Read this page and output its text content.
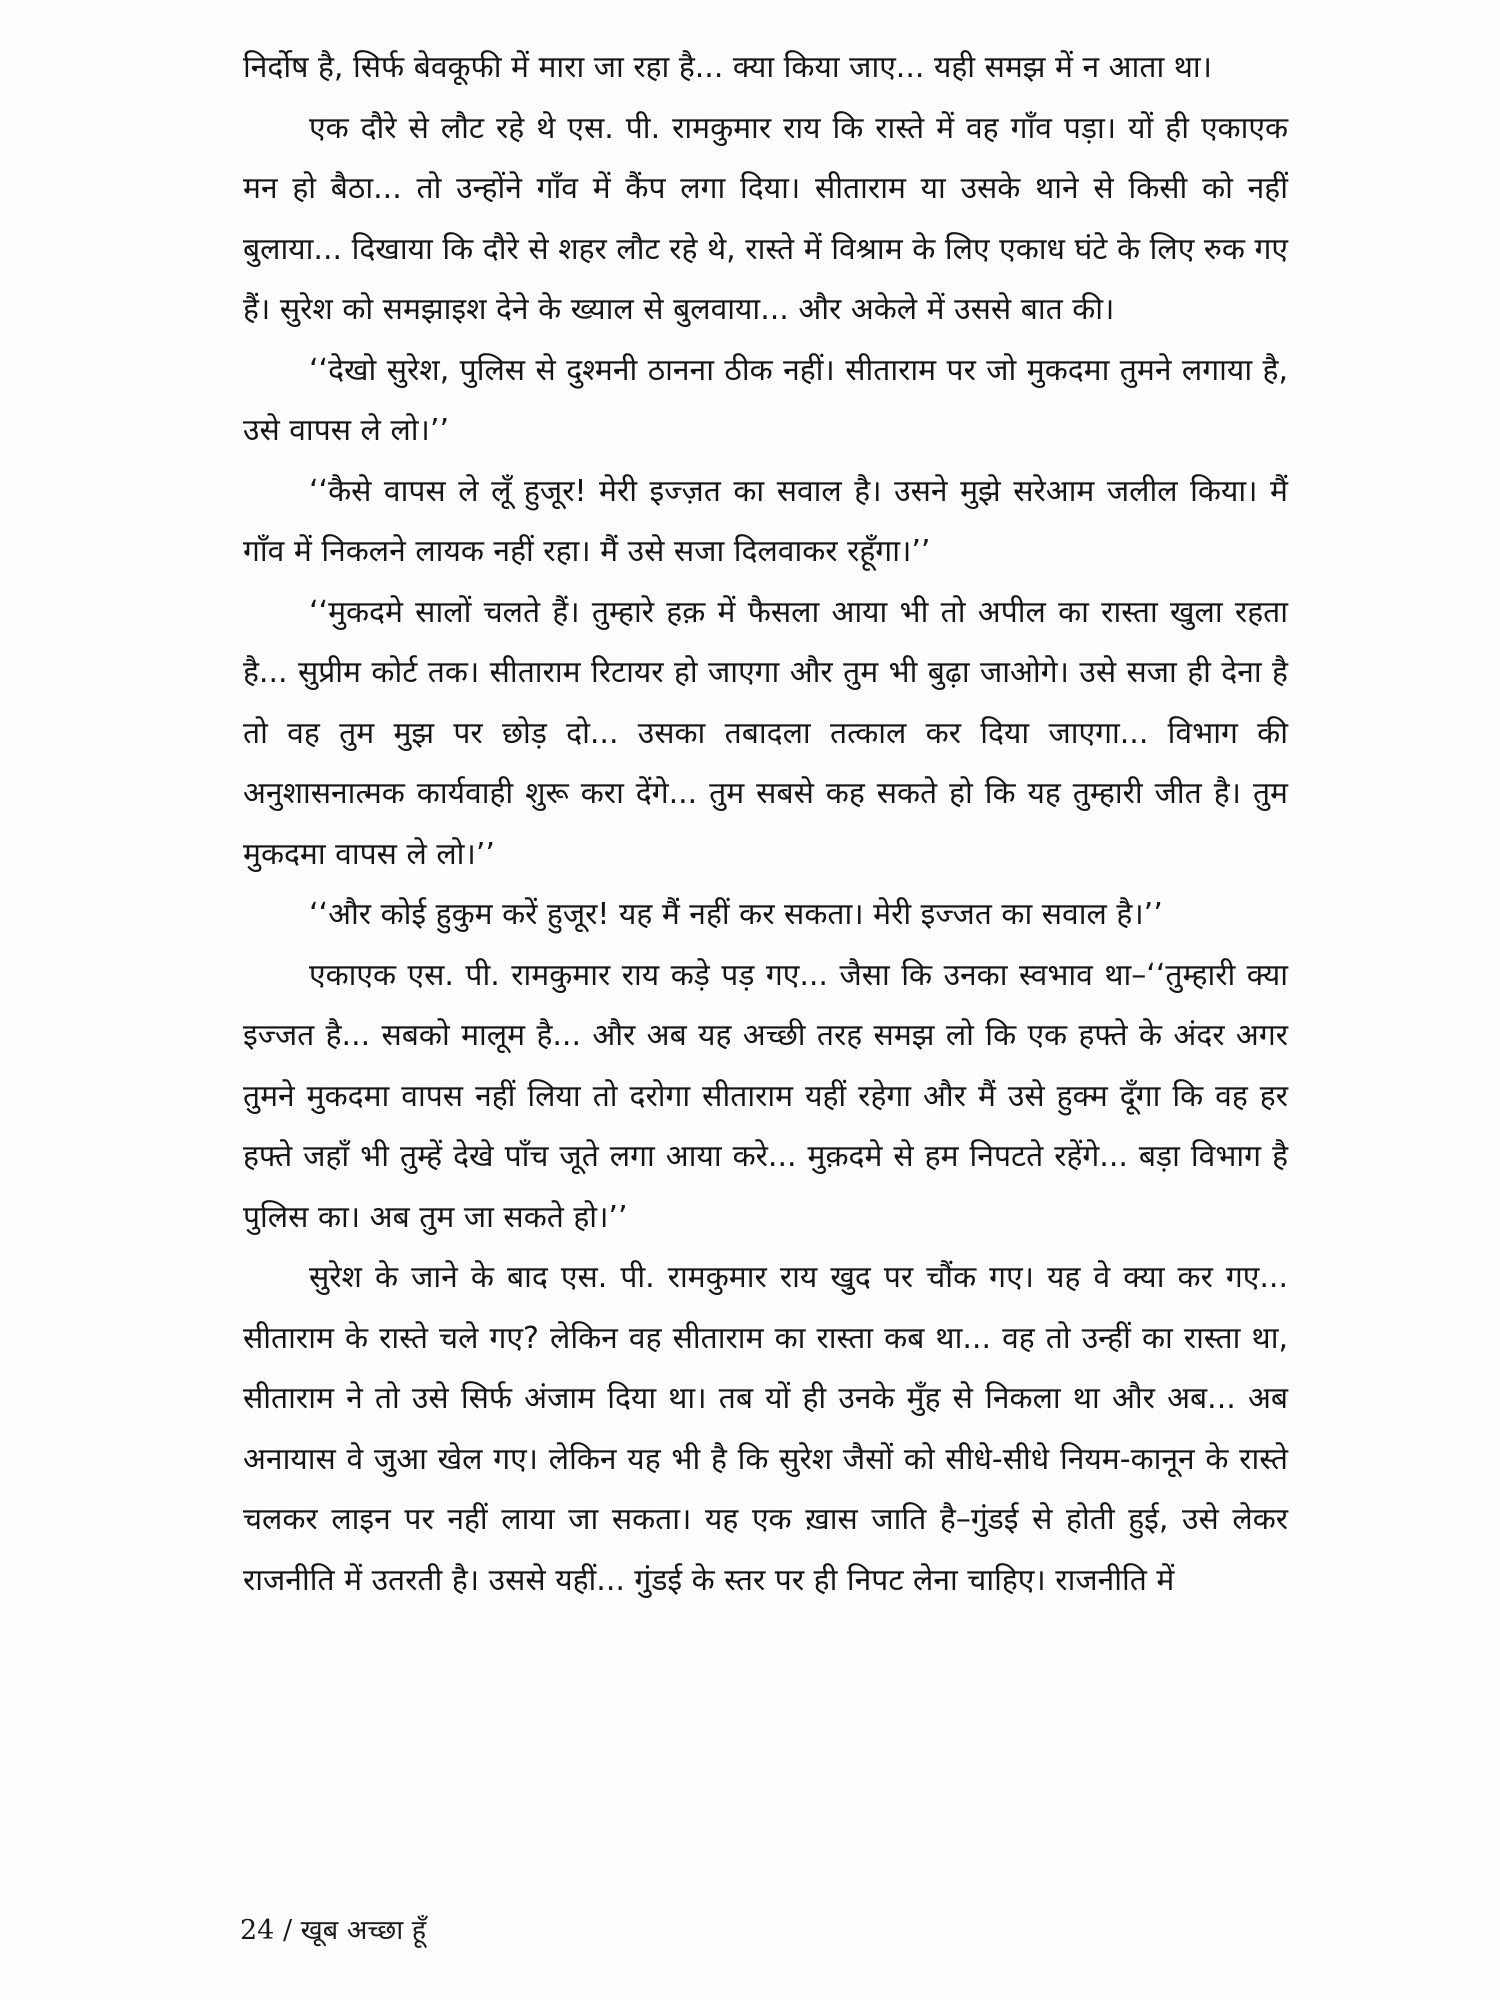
निर्दोष है, सिर्फ बेवकूफी में मारा जा रहा है... क्या किया जाए... यही समझ में न आता था।

एक दौरे से लौट रहे थे एस. पी. रामकुमार राय कि रास्ते में वह गाँव पड़ा। यों ही एकाएक मन हो बैठा... तो उन्होंने गाँव में कैंप लगा दिया। सीताराम या उसके थाने से किसी को नहीं बुलाया... दिखाया कि दौरे से शहर लौट रहे थे, रास्ते में विश्राम के लिए एकाध घंटे के लिए रुक गए हैं। सुरेश को समझाइश देने के ख्याल से बुलवाया... और अकेले में उससे बात की।

‘‘देखो सुरेश, पुलिस से दुश्मनी ठानना ठीक नहीं। सीताराम पर जो मुकदमा तुमने लगाया है, उसे वापस ले लो।’’

‘‘कैसे वापस ले लूँ हुजूर! मेरी इज्ज़त का सवाल है। उसने मुझे सरेआम जलील किया। मैं गाँव में निकलने लायक नहीं रहा। मैं उसे सजा दिलवाकर रहूँगा।’’

‘‘मुकदमे सालों चलते हैं। तुम्हारे हक़ में फैसला आया भी तो अपील का रास्ता खुला रहता है... सुप्रीम कोर्ट तक। सीताराम रिटायर हो जाएगा और तुम भी बुढ़ा जाओगे। उसे सजा ही देना है तो वह तुम मुझ पर छोड़ दो... उसका तबादला तत्काल कर दिया जाएगा... विभाग की अनुशासनात्मक कार्यवाही शुरू करा देंगे... तुम सबसे कह सकते हो कि यह तुम्हारी जीत है। तुम मुकदमा वापस ले लो।’’

‘‘और कोई हुकुम करें हुजूर! यह मैं नहीं कर सकता। मेरी इज्जत का सवाल है।’’

एकाएक एस. पी. रामकुमार राय कड़े पड़ गए... जैसा कि उनका स्वभाव था–‘‘तुम्हारी क्या इज्जत है... सबको मालूम है... और अब यह अच्छी तरह समझ लो कि एक हफ्ते के अंदर अगर तुमने मुकदमा वापस नहीं लिया तो दरोगा सीताराम यहीं रहेगा और मैं उसे हुक्म दूँगा कि वह हर हफ्ते जहाँ भी तुम्हें देखे पाँच जूते लगा आया करे... मुक़दमे से हम निपटते रहेंगे... बड़ा विभाग है पुलिस का। अब तुम जा सकते हो।’’

सुरेश के जाने के बाद एस. पी. रामकुमार राय खुद पर चौंक गए। यह वे क्या कर गए... सीताराम के रास्ते चले गए? लेकिन वह सीताराम का रास्ता कब था... वह तो उन्हीं का रास्ता था, सीताराम ने तो उसे सिर्फ अंजाम दिया था। तब यों ही उनके मुँह से निकला था और अब... अब अनायास वे जुआ खेल गए। लेकिन यह भी है कि सुरेश जैसों को सीधे-सीधे नियम-कानून के रास्ते चलकर लाइन पर नहीं लाया जा सकता। यह एक ख़ास जाति है–गुंडई से होती हुई, उसे लेकर राजनीति में उतरती है। उससे यहीं... गुंडई के स्तर पर ही निपट लेना चाहिए। राजनीति में

24 / खूब अच्छा हूँ
